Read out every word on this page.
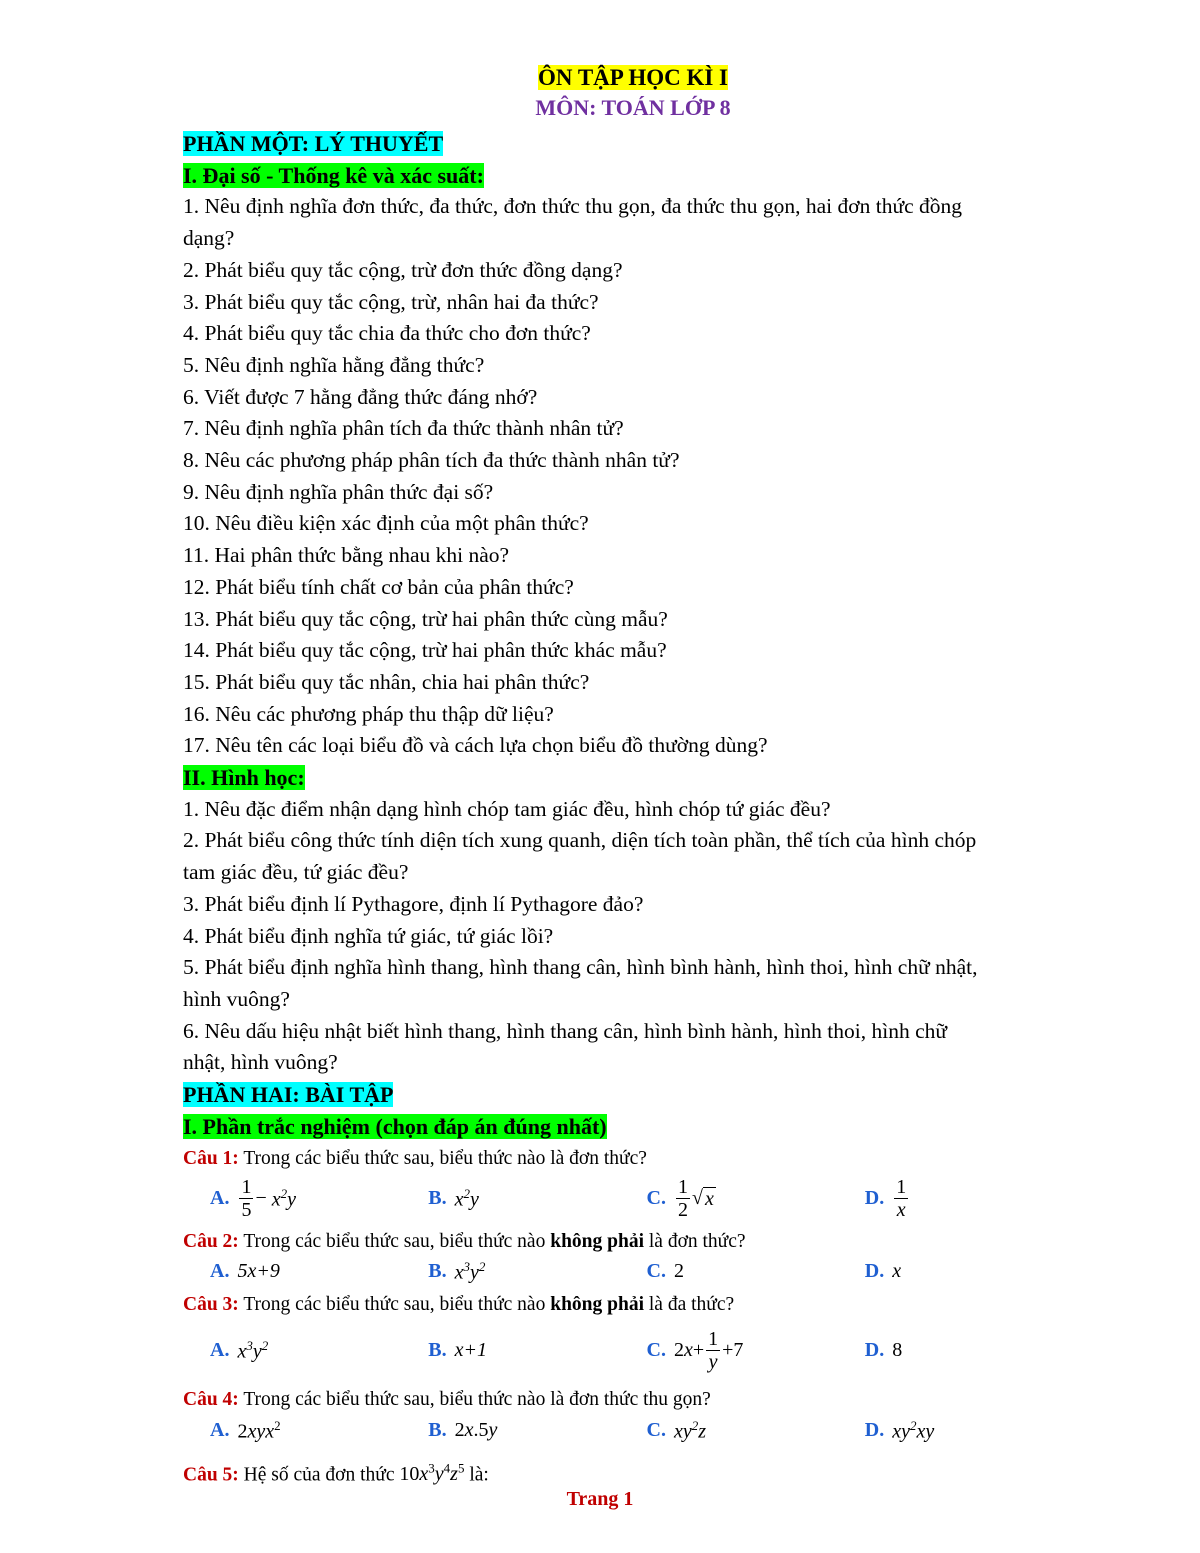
ÔN TẬP HỌC KÌ I
MÔN: TOÁN LỚP 8
PHẦN MỘT: LÝ THUYẾT
I. Đại số - Thống kê và xác suất:
1. Nêu định nghĩa đơn thức, đa thức, đơn thức thu gọn, đa thức thu gọn, hai đơn thức đồng
dạng?
2. Phát biểu quy tắc cộng, trừ đơn thức đồng dạng?
3. Phát biểu quy tắc cộng, trừ, nhân hai đa thức?
4. Phát biểu quy tắc chia đa thức cho đơn thức?
5. Nêu định nghĩa hằng đẳng thức?
6. Viết được 7 hằng đẳng thức đáng nhớ?
7. Nêu định nghĩa phân tích đa thức thành nhân tử?
8. Nêu các phương pháp phân tích đa thức thành nhân tử?
9. Nêu định nghĩa phân thức đại số?
10. Nêu điều kiện xác định của một phân thức?
11. Hai phân thức bằng nhau khi nào?
12. Phát biểu tính chất cơ bản của phân thức?
13. Phát biểu quy tắc cộng, trừ hai phân thức cùng mẫu?
14. Phát biểu quy tắc cộng, trừ hai phân thức khác mẫu?
15. Phát biểu quy tắc nhân, chia hai phân thức?
16. Nêu các phương pháp thu thập dữ liệu?
17. Nêu tên các loại biểu đồ và cách lựa chọn biểu đồ thường dùng?
II. Hình học:
1. Nêu đặc điểm nhận dạng hình chóp tam giác đều, hình chóp tứ giác đều?
2. Phát biểu công thức tính diện tích xung quanh, diện tích toàn phần, thể tích của hình chóp
tam giác đều, tứ giác đều?
3. Phát biểu định lí Pythagore, định lí Pythagore đảo?
4. Phát biểu định nghĩa tứ giác, tứ giác lồi?
5. Phát biểu định nghĩa hình thang, hình thang cân, hình bình hành, hình thoi, hình chữ nhật,
hình vuông?
6. Nêu dấu hiệu nhật biết hình thang, hình thang cân, hình bình hành, hình thoi, hình chữ
nhật, hình vuông?
PHẦN HAI: BÀI TẬP
I. Phần trắc nghiệm (chọn đáp án đúng nhất)
Câu 1: Trong các biểu thức sau, biểu thức nào là đơn thức?
A. $\frac{1}{5} - x^2y$	B. $x^2y$	C. $\frac{1}{2}$ √ x	D. $\frac{1}{x}$
Câu 2: Trong các biểu thức sau, biểu thức nào không phải là đơn thức?
A. 5x+9	B. $x^3y^2$	C. 2	D. x
Câu 3: Trong các biểu thức sau, biểu thức nào không phải là đa thức?
A. $x^3y^2$	B. x+1	C. $2x+ \frac{1}{y} +7$	D. 8
Câu 4: Trong các biểu thức sau, biểu thức nào là đơn thức thu gọn?
A. 2xyx$^2$	B. 2x.5y	C. $xy^2z$	D. $xy^2xy$
Câu 5: Hệ số của đơn thức $10x^3y^4z^5$ là:
Trang 1
